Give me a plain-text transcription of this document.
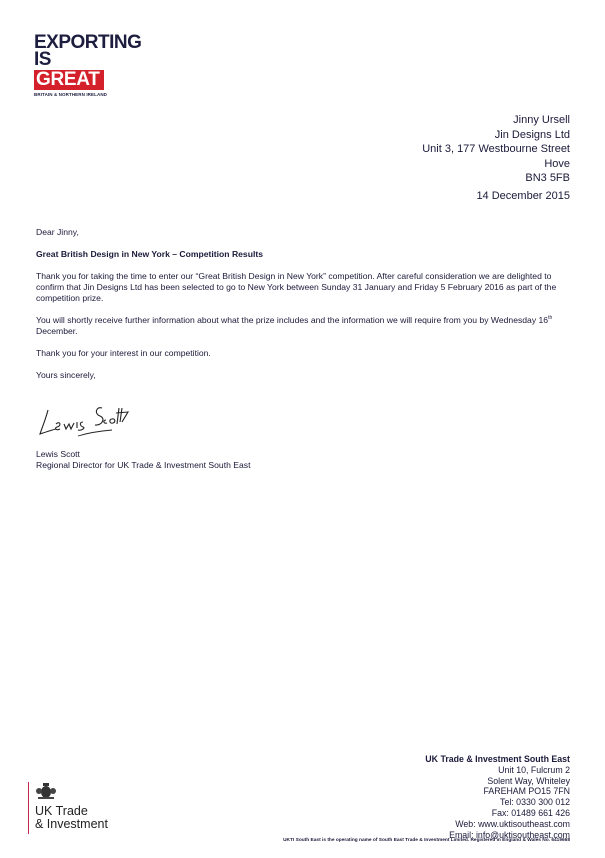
EXPORTING
IS
GREAT
BRITAIN & NORTHERN IRELAND
Jinny Ursell
Jin Designs Ltd
Unit 3, 177 Westbourne Street
Hove
BN3 5FB
14 December 2015

Dear Jinny,

Great British Design in New York – Competition Results

Thank you for taking the time to enter our “Great British Design in New York” competition. After careful consideration we are delighted to confirm that Jin Designs Ltd has been selected to go to New York between Sunday 31 January and Friday 5 February 2016 as part of the competition prize.

You will shortly receive further information about what the prize includes and the information we will require from you by Wednesday 16th December.

Thank you for your interest in our competition.

Yours sincerely,

Lewis Scott
Regional Director for UK Trade & Investment South East
UK Trade
& Investment
UK Trade & Investment South East
Unit 10, Fulcrum 2
Solent Way, Whiteley
FAREHAM PO15 7FN
Tel: 0330 300 012
Fax: 01489 661 426
Web: www.uktisoutheast.com
Email: info@uktisoutheast.com
UKTI South East is the operating name of South East Trade & Investment Limited. Registered in England & Wales No. 6419668
